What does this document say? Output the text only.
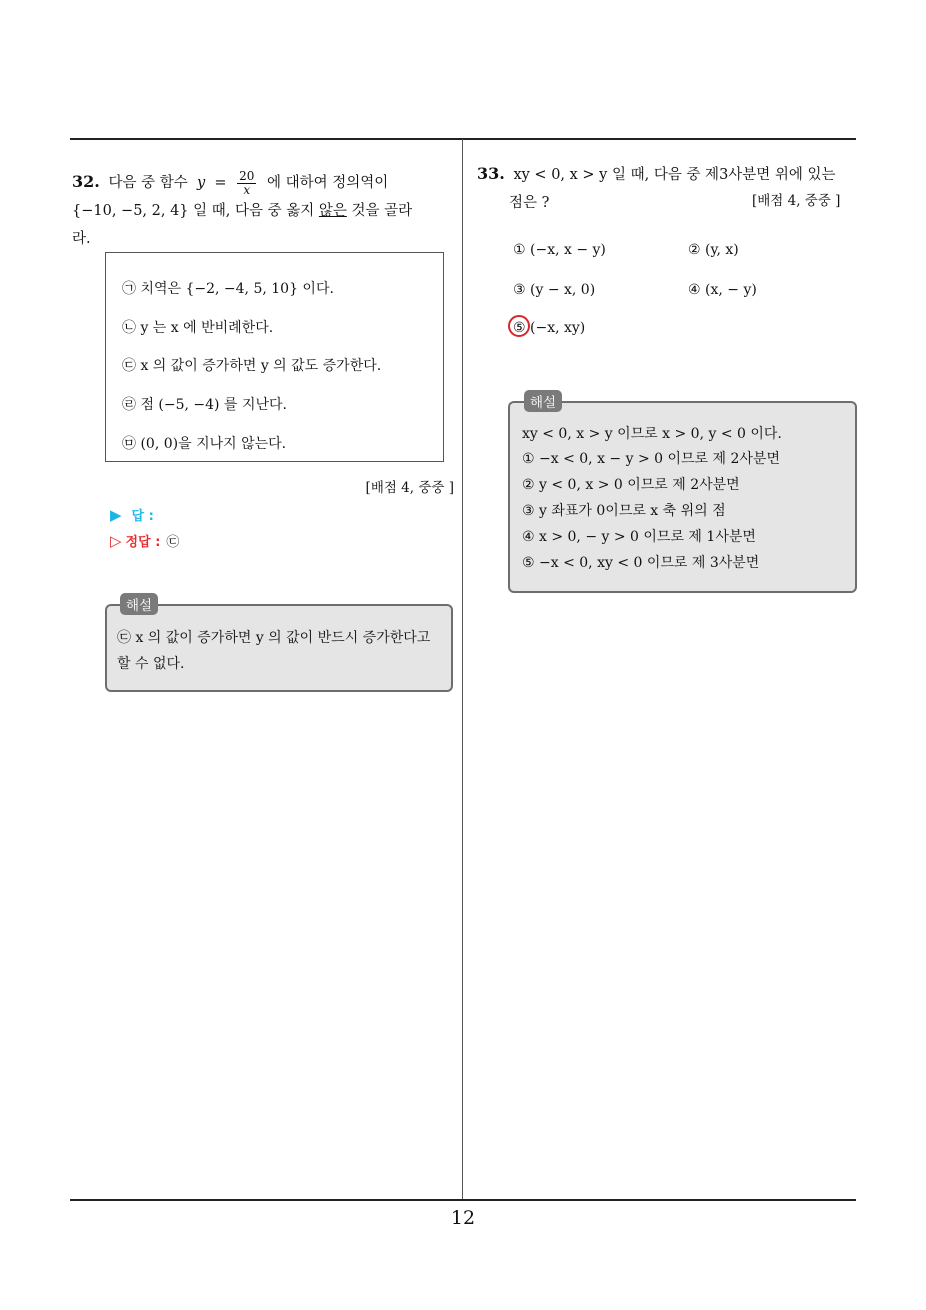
32. 다음 중 함수 $y = \frac{20}{x}$ 에 대하여 정의역이
{−10, −5, 2, 4} 일 때, 다음 중 옳지 않은 것을 골라
라.
㉠ 치역은 {−2, −4, 5, 10} 이다.
㉡ y 는 x 에 반비례한다.
㉢ x 의 값이 증가하면 y 의 값도 증가한다.
㉣ 점 (−5, −4) 를 지난다.
㉤ (0, 0)을 지나지 않는다.
[배점 4, 중중 ]
▶ 답 :
▷ 정답 : ㉢
㉢ x 의 값이 증가하면 y 의 값이 반드시 증가한다고 할 수 없다.
해설
33. xy < 0, x > y 일 때, 다음 중 제3사분면 위에 있는
점은 ?	[배점 4, 중중 ]
① (−x, x − y)	② (y, x)
③ (y − x, 0)	④ (x, − y)
⑤ (−x, xy)
xy < 0, x > y 이므로 x > 0, y < 0 이다.
① −x < 0, x − y > 0 이므로 제 2사분면
② y < 0, x > 0 이므로 제 2사분면
③ y 좌표가 0이므로 x 축 위의 점
④ x > 0, − y > 0 이므로 제 1사분면
⑤ −x < 0, xy < 0 이므로 제 3사분면
해설
12
